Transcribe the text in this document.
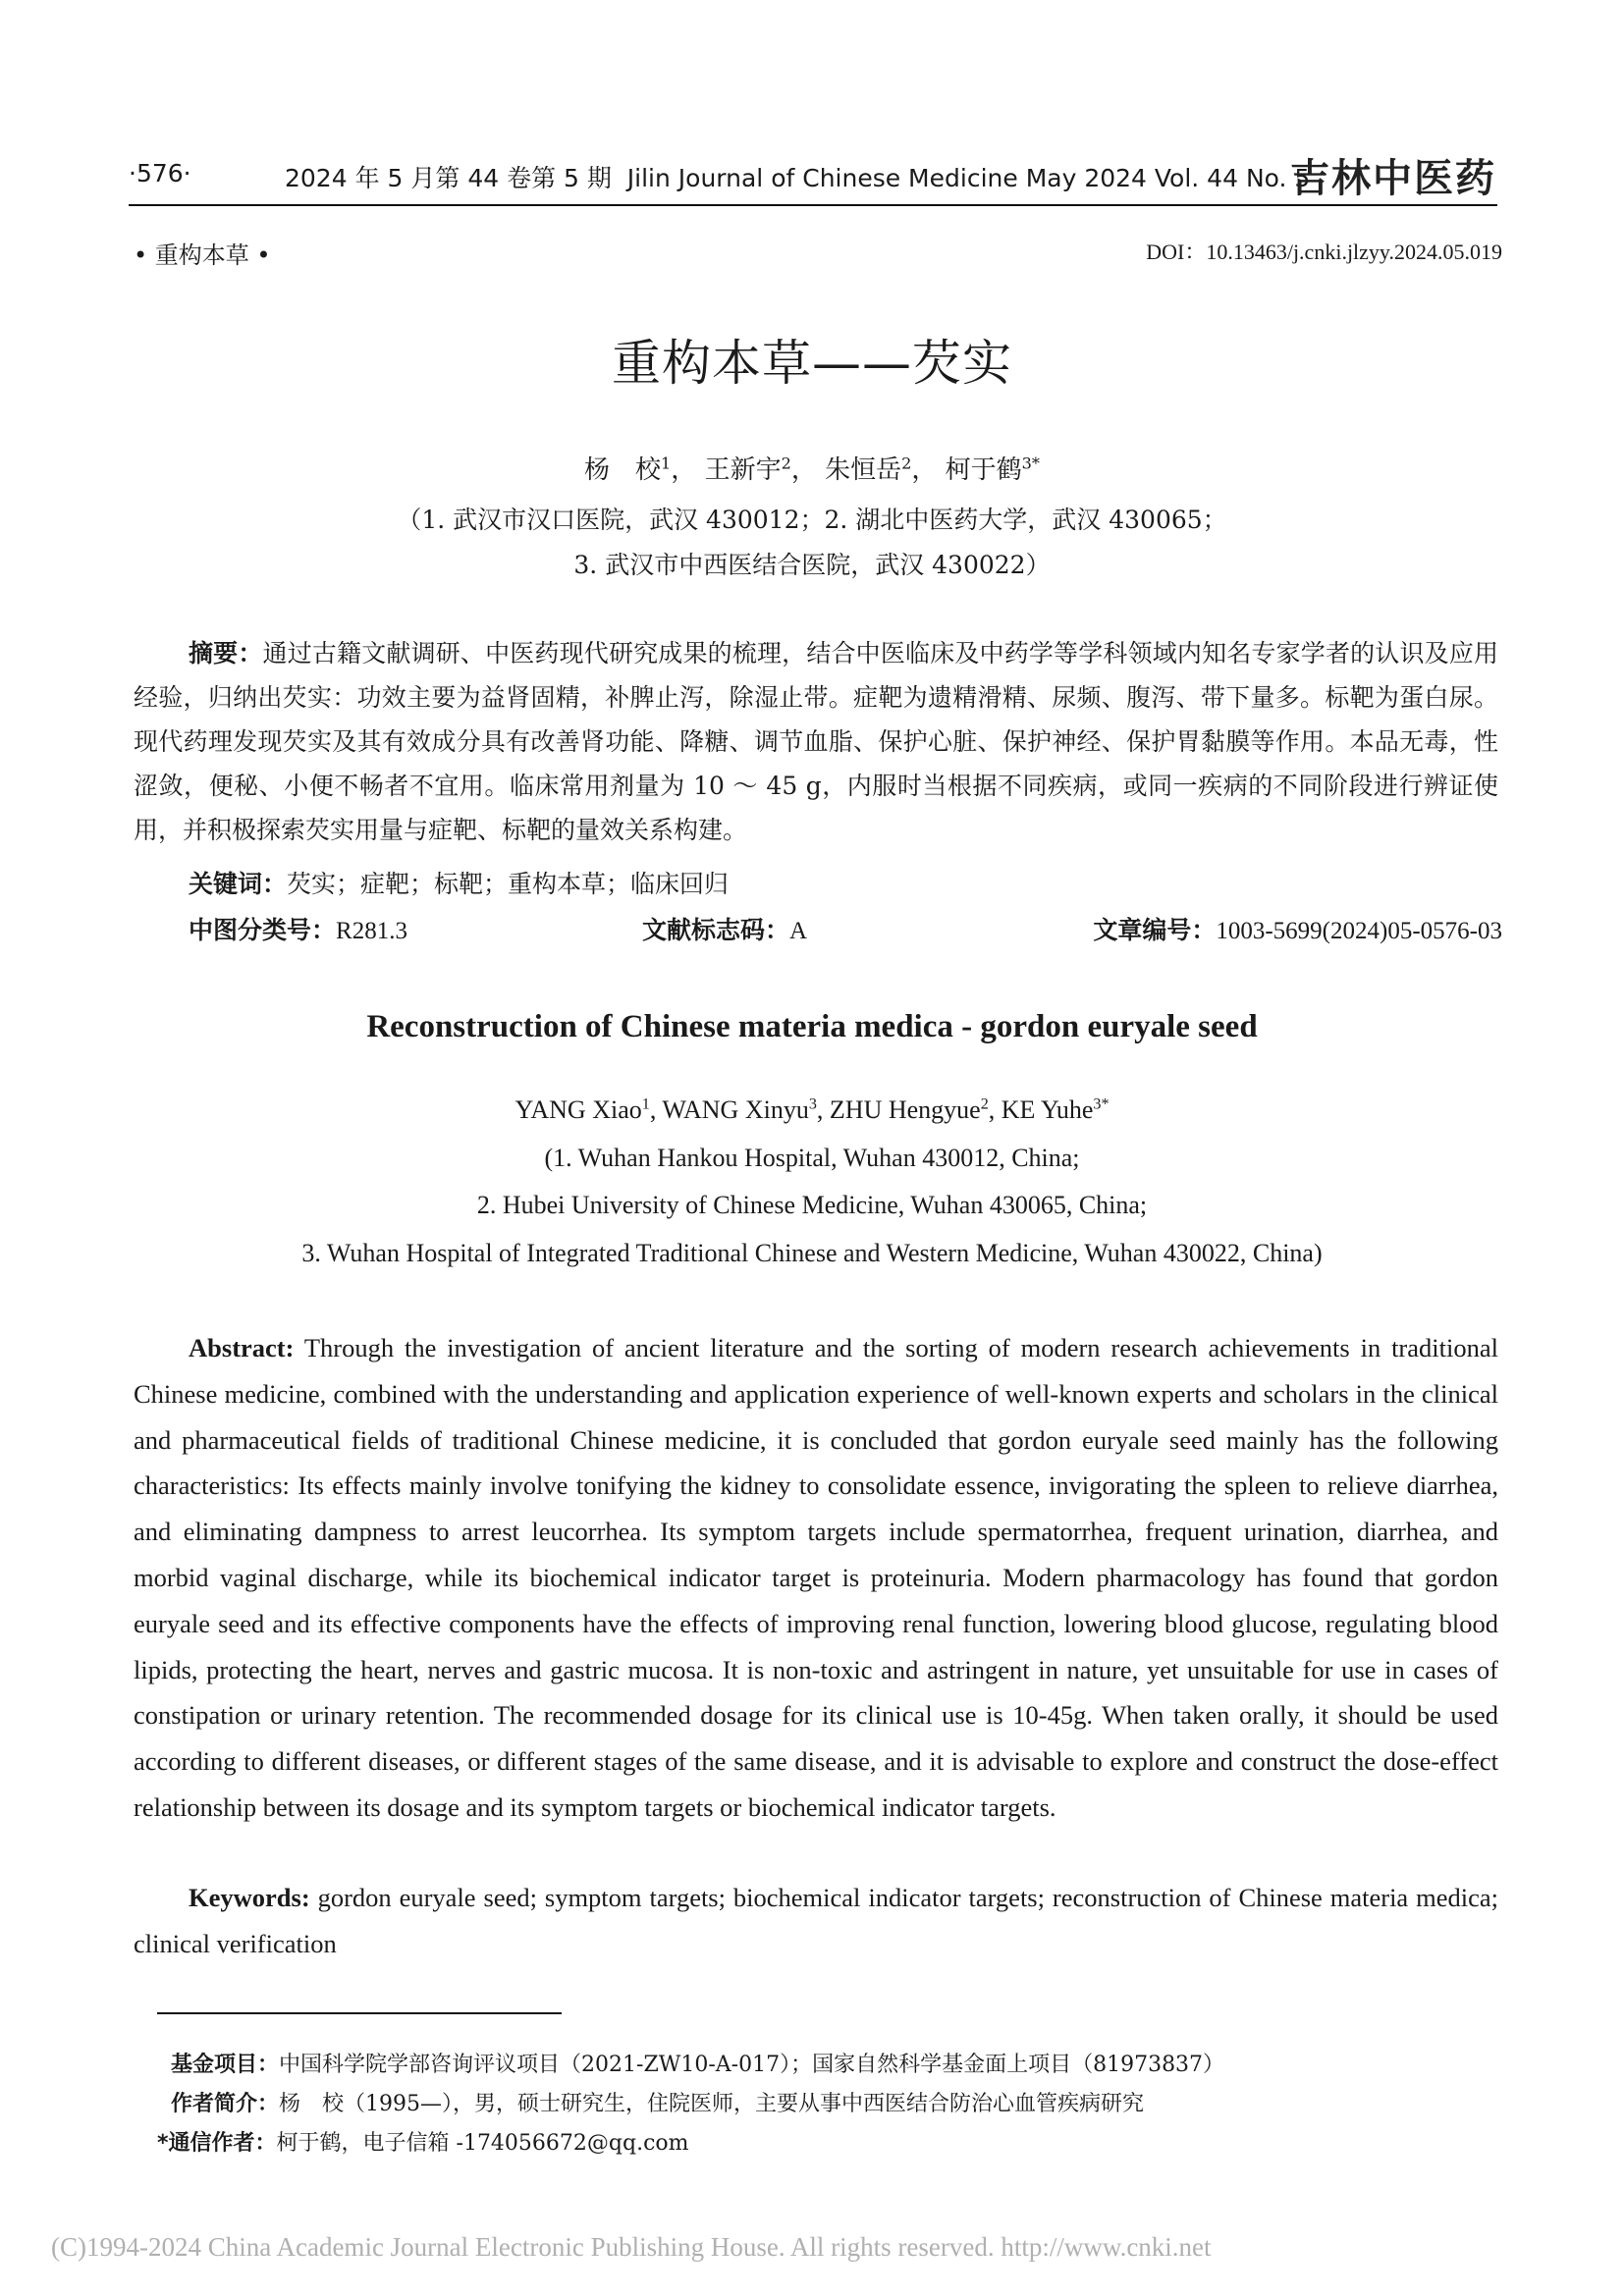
·576·	2024 年 5 月第 44 卷第 5 期 Jilin Journal of Chinese Medicine May 2024 Vol. 44 No. 5
吉林中医药
• 重构本草 •	DOI：10.13463/j.cnki.jlzyy.2024.05.019
重构本草——芡实
杨　校$^1$， 王新宇$^2$， 朱恒岳$^2$， 柯于鹤$^{3*}$
（1. 武汉市汉口医院，武汉 430012；2. 湖北中医药大学，武汉 430065；
3. 武汉市中西医结合医院，武汉 430022）
摘要：通过古籍文献调研、中医药现代研究成果的梳理，结合中医临床及中药学等学科领域内知名专家学者的认识及应用经验，归纳出芡实：功效主要为益肾固精，补脾止泻，除湿止带。症靶为遗精滑精、尿频、腹泻、带下量多。标靶为蛋白尿。现代药理发现芡实及其有效成分具有改善肾功能、降糖、调节血脂、保护心脏、保护神经、保护胃黏膜等作用。本品无毒，性涩敛，便秘、小便不畅者不宜用。临床常用剂量为 10 ～ 45 g，内服时当根据不同疾病，或同一疾病的不同阶段进行辨证使用，并积极探索芡实用量与症靶、标靶的量效关系构建。
关键词：芡实；症靶；标靶；重构本草；临床回归
中图分类号：R281.3	文献标志码：A	文章编号：1003-5699(2024)05-0576-03
Reconstruction of Chinese materia medica - gordon euryale seed
YANG Xiao$^1$, WANG Xinyu$^3$, ZHU Hengyue$^2$, KE Yuhe$^{3*}$
(1. Wuhan Hankou Hospital, Wuhan 430012, China;
2. Hubei University of Chinese Medicine, Wuhan 430065, China;
3. Wuhan Hospital of Integrated Traditional Chinese and Western Medicine, Wuhan 430022, China)
Abstract: Through the investigation of ancient literature and the sorting of modern research achievements in traditional Chinese medicine, combined with the understanding and application experience of well-known experts and scholars in the clinical and pharmaceutical fields of traditional Chinese medicine, it is concluded that gordon euryale seed mainly has the following characteristics: Its effects mainly involve tonifying the kidney to consolidate essence, invigorating the spleen to relieve diarrhea, and eliminating dampness to arrest leucorrhea. Its symptom targets include spermatorrhea, frequent urination, diarrhea, and morbid vaginal discharge, while its biochemical indicator target is proteinuria. Modern pharmacology has found that gordon euryale seed and its effective components have the effects of improving renal function, lowering blood glucose, regulating blood lipids, protecting the heart, nerves and gastric mucosa. It is non-toxic and astringent in nature, yet unsuitable for use in cases of constipation or urinary retention. The recommended dosage for its clinical use is 10-45g. When taken orally, it should be used according to different diseases, or different stages of the same disease, and it is advisable to explore and construct the dose-effect relationship between its dosage and its symptom targets or biochemical indicator targets.
Keywords: gordon euryale seed; symptom targets; biochemical indicator targets; reconstruction of Chinese materia medica; clinical verification
基金项目：中国科学院学部咨询评议项目（2021-ZW10-A-017）；国家自然科学基金面上项目（81973837）
作者简介：杨　校（1995—），男，硕士研究生，住院医师，主要从事中西医结合防治心血管疾病研究
*通信作者：柯于鹤，电子信箱 -174056672@qq.com
(C)1994-2024 China Academic Journal Electronic Publishing House. All rights reserved. http://www.cnki.net
